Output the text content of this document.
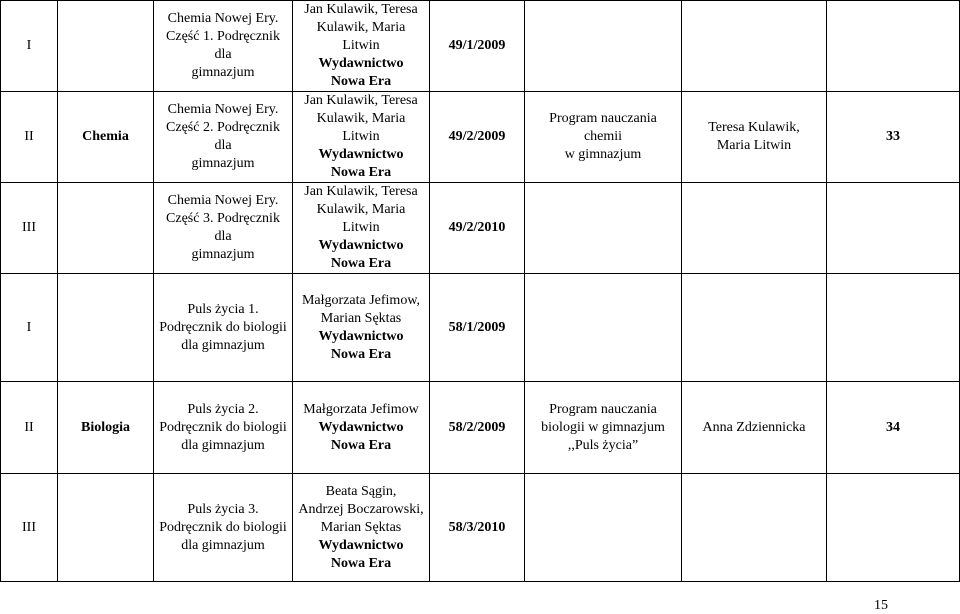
I		Chemia Nowej Ery.
Część 1. Podręcznik dla
gimnazjum	Jan Kulawik, Teresa
Kulawik, Maria Litwin
Wydawnictwo
Nowa Era	49/1/2009			
II	Chemia	Chemia Nowej Ery.
Część 2. Podręcznik dla
gimnazjum	Jan Kulawik, Teresa
Kulawik, Maria Litwin
Wydawnictwo
Nowa Era	49/2/2009	Program nauczania chemii
w gimnazjum	Teresa Kulawik,
Maria Litwin	33
III		Chemia Nowej Ery.
Część 3. Podręcznik dla
gimnazjum	Jan Kulawik, Teresa
Kulawik, Maria Litwin
Wydawnictwo
Nowa Era	49/2/2010			
I		Puls życia 1.
Podręcznik do biologii
dla gimnazjum	Małgorzata Jefimow,
Marian Sęktas
Wydawnictwo
Nowa Era	58/1/2009			
II	Biologia	Puls życia 2.
Podręcznik do biologii
dla gimnazjum	Małgorzata Jefimow
Wydawnictwo
Nowa Era	58/2/2009	Program nauczania
biologii w gimnazjum
,,Puls życia”	Anna Zdziennicka	34
III		Puls życia 3.
Podręcznik do biologii
dla gimnazjum	Beata Sągin,
Andrzej Boczarowski,
Marian Sęktas
Wydawnictwo
Nowa Era	58/3/2010			
15
